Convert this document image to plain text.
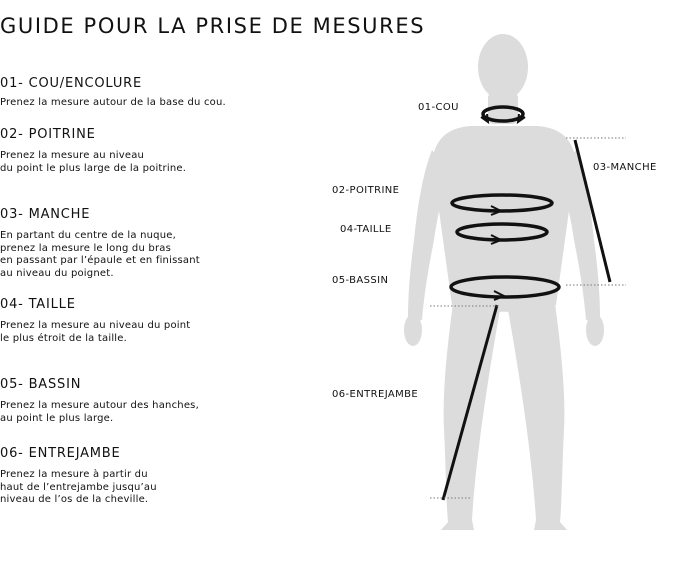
GUIDE POUR LA PRISE DE MESURES
01- COU/ENCOLURE

Prenez la mesure autour de la base du cou.

02- POITRINE

Prenez la mesure au niveau
du point le plus large de la poitrine.

03- MANCHE

En partant du centre de la nuque,
prenez la mesure le long du bras
en passant par l’épaule et en finissant
au niveau du poignet.

04- TAILLE

Prenez la mesure au niveau du point
le plus étroit de la taille.

05- BASSIN

Prenez la mesure autour des hanches,
au point le plus large.

06- ENTREJAMBE

Prenez la mesure à partir du
haut de l’entrejambe jusqu’au
niveau de l’os de la cheville.

01-COU
03-MANCHE
02-POITRINE
04-TAILLE
05-BASSIN
06-ENTREJAMBE
